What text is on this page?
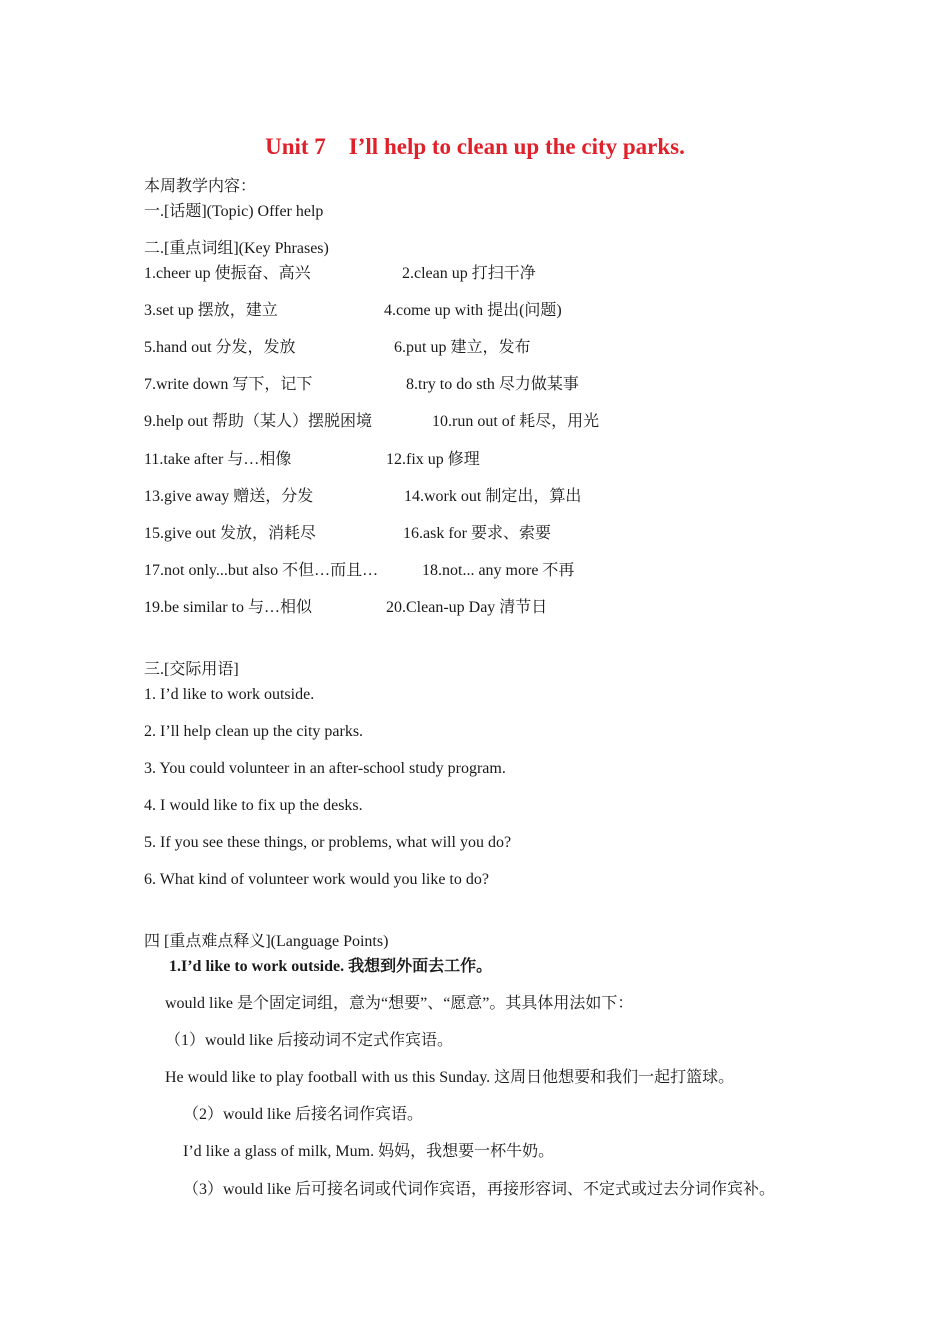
Unit 7    I’ll help to clean up the city parks.
本周教学内容：
一.[话题](Topic) Offer help
二.[重点词组](Key Phrases)
1.cheer up 使振奋、高兴	2.clean up 打扫干净
3.set up 摆放，建立	4.come up with 提出(问题)
5.hand out 分发，发放	6.put up 建立，发布
7.write down 写下，记下	8.try to do sth 尽力做某事
9.help out 帮助（某人）摆脱困境	10.run out of 耗尽，用光
11.take after 与…相像	12.fix up 修理
13.give away 赠送，分发	14.work out 制定出，算出
15.give out 发放，消耗尽	16.ask for 要求、索要
17.not only...but also 不但…而且…	18.not... any more 不再
19.be similar to 与…相似	20.Clean-up Day 清节日
三.[交际用语]
1. I’d like to work outside.
2. I’ll help clean up the city parks.
3. You could volunteer in an after-school study program.
4. I would like to fix up the desks.
5. If you see these things, or problems, what will you do?
6. What kind of volunteer work would you like to do?
四 [重点难点释义](Language Points)
1.I’d like to work outside. 我想到外面去工作。
would like 是个固定词组，意为“想要”、“愿意”。其具体用法如下：
（1）would like 后接动词不定式作宾语。
He would like to play football with us this Sunday. 这周日他想要和我们一起打篮球。
（2）would like 后接名词作宾语。
I’d like a glass of milk, Mum. 妈妈，我想要一杯牛奶。
（3）would like 后可接名词或代词作宾语，再接形容词、不定式或过去分词作宾补。
